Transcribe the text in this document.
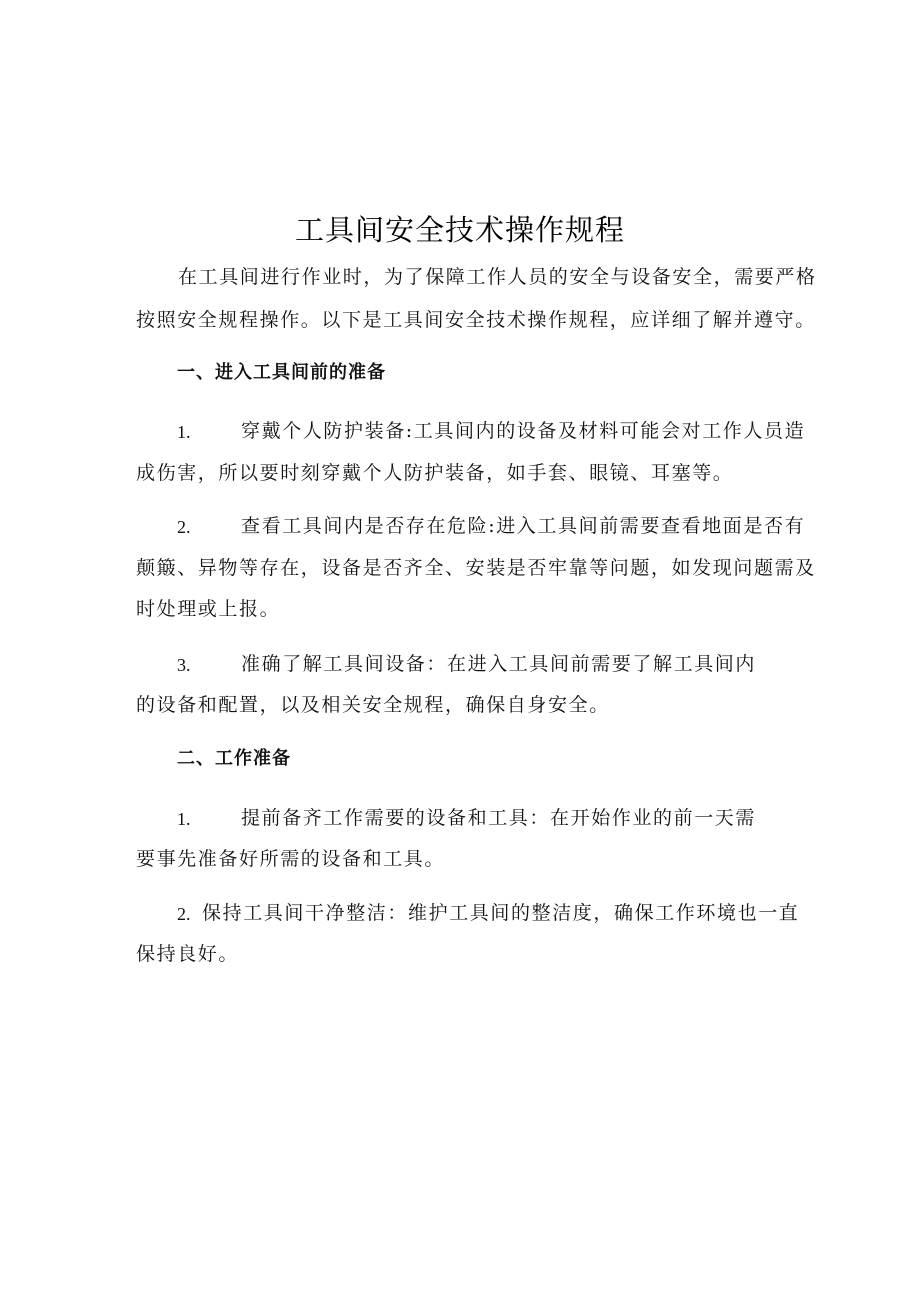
工具间安全技术操作规程
在工具间进行作业时，为了保障工作人员的安全与设备安全，需要严格
按照安全规程操作。以下是工具间安全技术操作规程，应详细了解并遵守。
一、进入工具间前的准备
1.	穿戴个人防护装备:工具间内的设备及材料可能会对工作人员造
成伤害，所以要时刻穿戴个人防护装备，如手套、眼镜、耳塞等。
2.	查看工具间内是否存在危险:进入工具间前需要查看地面是否有
颠簸、异物等存在，设备是否齐全、安装是否牢靠等问题，如发现问题需及
时处理或上报。
3.	准确了解工具间设备：在进入工具间前需要了解工具间内
的设备和配置，以及相关安全规程，确保自身安全。
二、工作准备
1.	提前备齐工作需要的设备和工具：在开始作业的前一天需
要事先准备好所需的设备和工具。
2. 保持工具间干净整洁：维护工具间的整洁度，确保工作环境也一直
保持良好。
